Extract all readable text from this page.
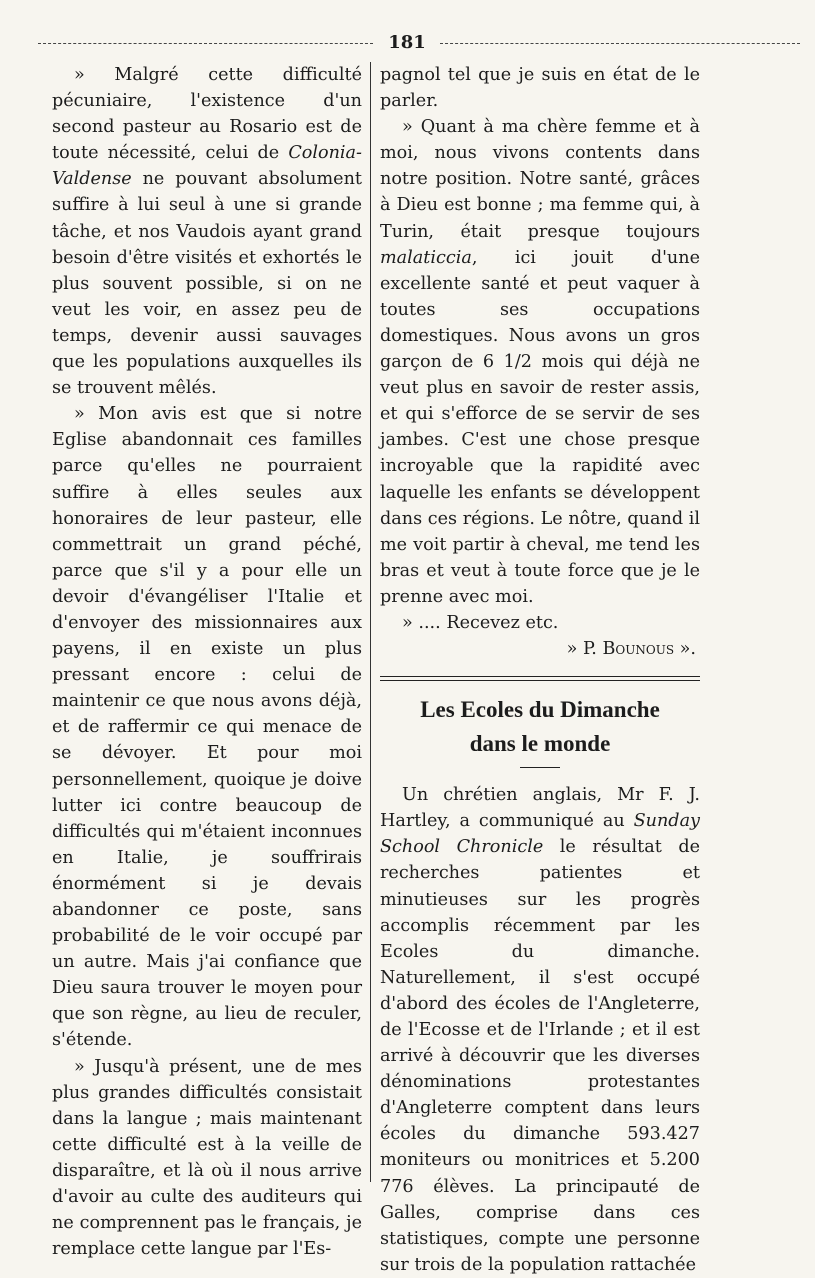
181

» Malgré cette difficulté pécuniaire, l'existence d'un second pasteur au Rosario est de toute nécessité, celui de Colonia-Valdense ne pouvant absolument suffire à lui seul à une si grande tâche, et nos Vaudois ayant grand besoin d'être visités et exhortés le plus souvent possible, si on ne veut les voir, en assez peu de temps, devenir aussi sauvages que les populations auxquelles ils se trouvent mêlés.

» Mon avis est que si notre Eglise abandonnait ces familles parce qu'elles ne pourraient suffire à elles seules aux honoraires de leur pasteur, elle commettrait un grand péché, parce que s'il y a pour elle un devoir d'évangéliser l'Italie et d'envoyer des missionnaires aux payens, il en existe un plus pressant encore : celui de maintenir ce que nous avons déjà, et de raffermir ce qui menace de se dévoyer. Et pour moi personnellement, quoique je doive lutter ici contre beaucoup de difficultés qui m'étaient inconnues en Italie, je souffrirais énormément si je devais abandonner ce poste, sans probabilité de le voir occupé par un autre. Mais j'ai confiance que Dieu saura trouver le moyen pour que son règne, au lieu de reculer, s'étende.

» Jusqu'à présent, une de mes plus grandes difficultés consistait dans la langue ; mais maintenant cette difficulté est à la veille de disparaître, et là où il nous arrive d'avoir au culte des auditeurs qui ne comprennent pas le français, je remplace cette langue par l'Es-

pagnol tel que je suis en état de le parler.

» Quant à ma chère femme et à moi, nous vivons contents dans notre position. Notre santé, grâces à Dieu est bonne ; ma femme qui, à Turin, était presque toujours malaticcia, ici jouit d'une excellente santé et peut vaquer à toutes ses occupations domestiques. Nous avons un gros garçon de 6 1/2 mois qui déjà ne veut plus en savoir de rester assis, et qui s'efforce de se servir de ses jambes. C'est une chose presque incroyable que la rapidité avec laquelle les enfants se développent dans ces régions. Le nôtre, quand il me voit partir à cheval, me tend les bras et veut à toute force que je le prenne avec moi.

» .... Recevez etc.

» P. Bounous ».
Les Ecoles du Dimanche
dans le monde

Un chrétien anglais, Mr F. J. Hartley, a communiqué au Sunday School Chronicle le résultat de recherches patientes et minutieuses sur les progrès accomplis récemment par les Ecoles du dimanche. Naturellement, il s'est occupé d'abord des écoles de l'Angleterre, de l'Ecosse et de l'Irlande ; et il est arrivé à découvrir que les diverses dénominations protestantes d'Angleterre comptent dans leurs écoles du dimanche 593.427 moniteurs ou monitrices et 5.200 776 élèves. La principauté de Galles, comprise dans ces statistiques, compte une personne sur trois de la population rattachée
